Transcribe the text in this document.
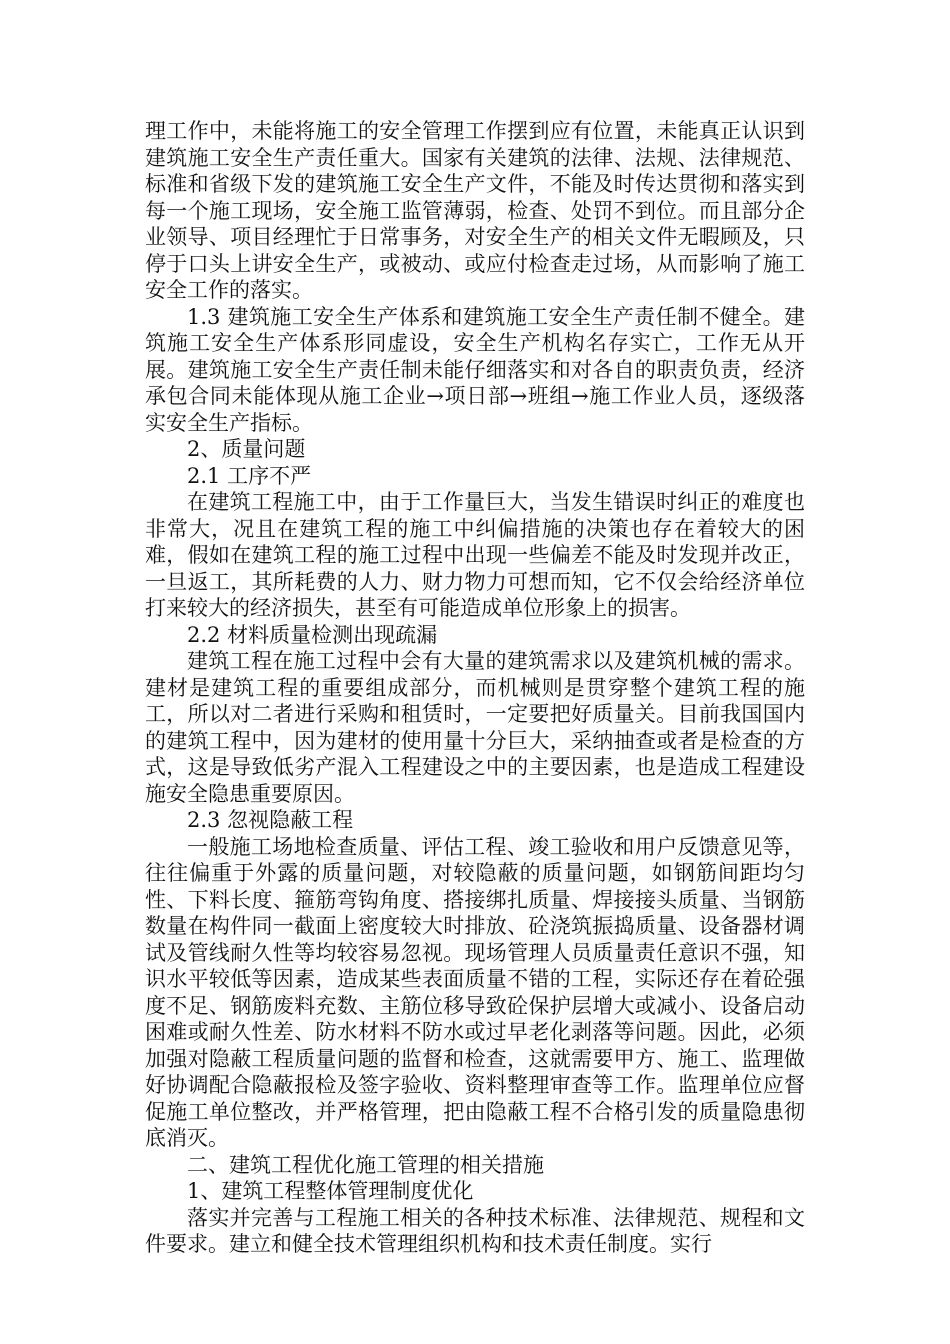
理工作中，未能将施工的安全管理工作摆到应有位置，未能真正认识到建筑施工安全生产责任重大。国家有关建筑的法律、法规、法律规范、标准和省级下发的建筑施工安全生产文件，不能及时传达贯彻和落实到每一个施工现场，安全施工监管薄弱，检查、处罚不到位。而且部分企业领导、项目经理忙于日常事务，对安全生产的相关文件无暇顾及，只停于口头上讲安全生产，或被动、或应付检查走过场，从而影响了施工安全工作的落实。

1.3 建筑施工安全生产体系和建筑施工安全生产责任制不健全。建筑施工安全生产体系形同虚设，安全生产机构名存实亡，工作无从开展。建筑施工安全生产责任制未能仔细落实和对各自的职责负责，经济承包合同未能体现从施工企业→项日部→班组→施工作业人员，逐级落实安全生产指标。

2、质量问题

2.1 工序不严

在建筑工程施工中，由于工作量巨大，当发生错误时纠正的难度也非常大，况且在建筑工程的施工中纠偏措施的决策也存在着较大的困难，假如在建筑工程的施工过程中出现一些偏差不能及时发现并改正，一旦返工，其所耗费的人力、财力物力可想而知，它不仅会给经济单位打来较大的经济损失，甚至有可能造成单位形象上的损害。

2.2 材料质量检测出现疏漏

建筑工程在施工过程中会有大量的建筑需求以及建筑机械的需求。建材是建筑工程的重要组成部分，而机械则是贯穿整个建筑工程的施工，所以对二者进行采购和租赁时，一定要把好质量关。目前我国国内的建筑工程中，因为建材的使用量十分巨大，采纳抽查或者是检查的方式，这是导致低劣产混入工程建设之中的主要因素，也是造成工程建设施安全隐患重要原因。

2.3 忽视隐蔽工程

一般施工场地检查质量、评估工程、竣工验收和用户反馈意见等，往往偏重于外露的质量问题，对较隐蔽的质量问题，如钢筋间距均匀性、下料长度、箍筋弯钩角度、搭接绑扎质量、焊接接头质量、当钢筋数量在构件同一截面上密度较大时排放、砼浇筑振捣质量、设备器材调试及管线耐久性等均较容易忽视。现场管理人员质量责任意识不强，知识水平较低等因素，造成某些表面质量不错的工程，实际还存在着砼强度不足、钢筋废料充数、主筋位移导致砼保护层增大或减小、设备启动困难或耐久性差、防水材料不防水或过早老化剥落等问题。因此，必须加强对隐蔽工程质量问题的监督和检查，这就需要甲方、施工、监理做好协调配合隐蔽报检及签字验收、资料整理审查等工作。监理单位应督促施工单位整改，并严格管理，把由隐蔽工程不合格引发的质量隐患彻底消灭。

二、建筑工程优化施工管理的相关措施

1、建筑工程整体管理制度优化

落实并完善与工程施工相关的各种技术标准、法律规范、规程和文件要求。建立和健全技术管理组织机构和技术责任制度。实行
